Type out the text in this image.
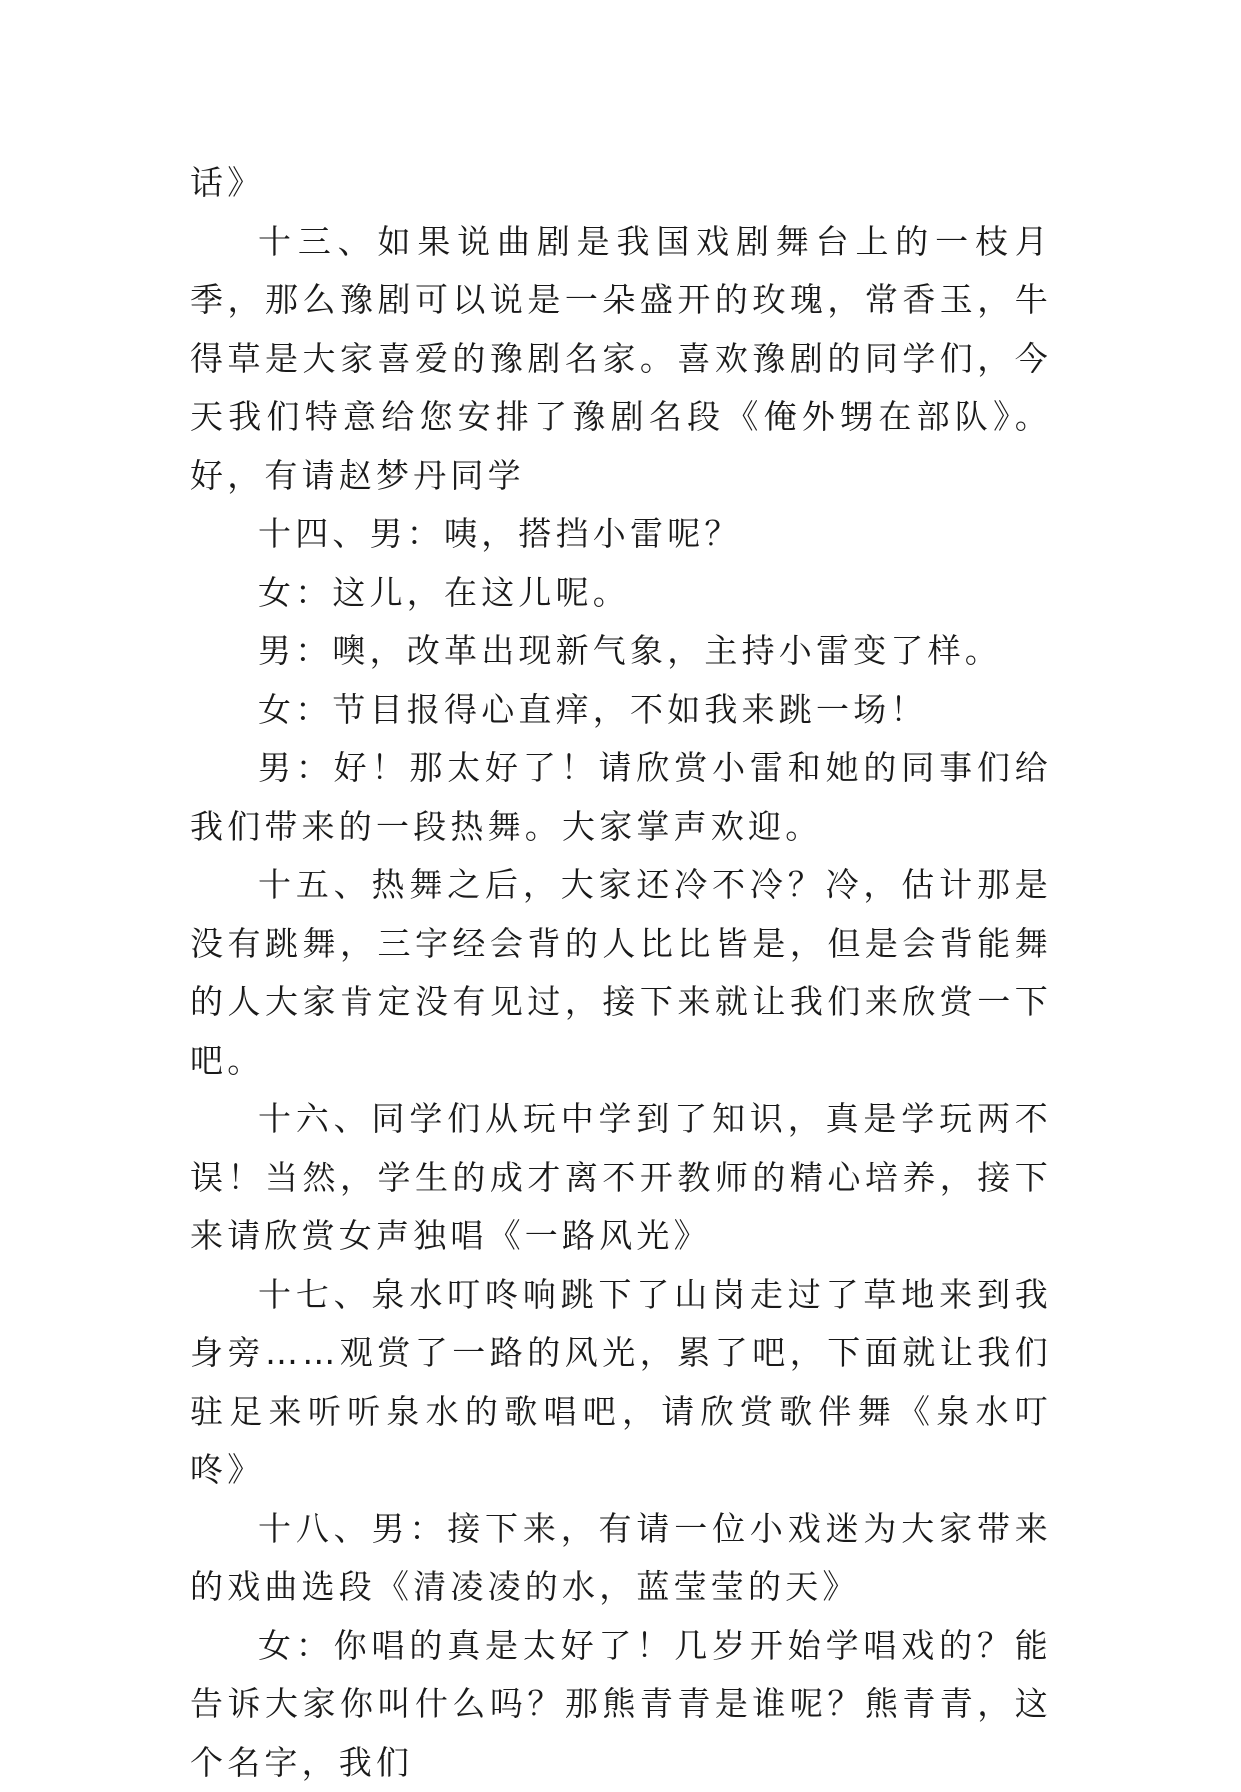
话》

十三、如果说曲剧是我国戏剧舞台上的一枝月季，那么豫剧可以说是一朵盛开的玫瑰，常香玉，牛得草是大家喜爱的豫剧名家。喜欢豫剧的同学们，今天我们特意给您安排了豫剧名段《俺外甥在部队》。好，有请赵梦丹同学

十四、男：咦，搭挡小雷呢？

女：这儿，在这儿呢。

男：噢，改革出现新气象，主持小雷变了样。

女：节目报得心直痒，不如我来跳一场！

男：好！那太好了！请欣赏小雷和她的同事们给我们带来的一段热舞。大家掌声欢迎。

十五、热舞之后，大家还冷不冷？冷，估计那是没有跳舞，三字经会背的人比比皆是，但是会背能舞的人大家肯定没有见过，接下来就让我们来欣赏一下吧。

十六、同学们从玩中学到了知识，真是学玩两不误！当然，学生的成才离不开教师的精心培养，接下来请欣赏女声独唱《一路风光》

十七、泉水叮咚响跳下了山岗走过了草地来到我身旁……观赏了一路的风光，累了吧，下面就让我们驻足来听听泉水的歌唱吧，请欣赏歌伴舞《泉水叮咚》

十八、男：接下来，有请一位小戏迷为大家带来的戏曲选段《清凌凌的水，蓝莹莹的天》

女：你唱的真是太好了！几岁开始学唱戏的？能告诉大家你叫什么吗？那熊青青是谁呢？熊青青，这个名字，我们
